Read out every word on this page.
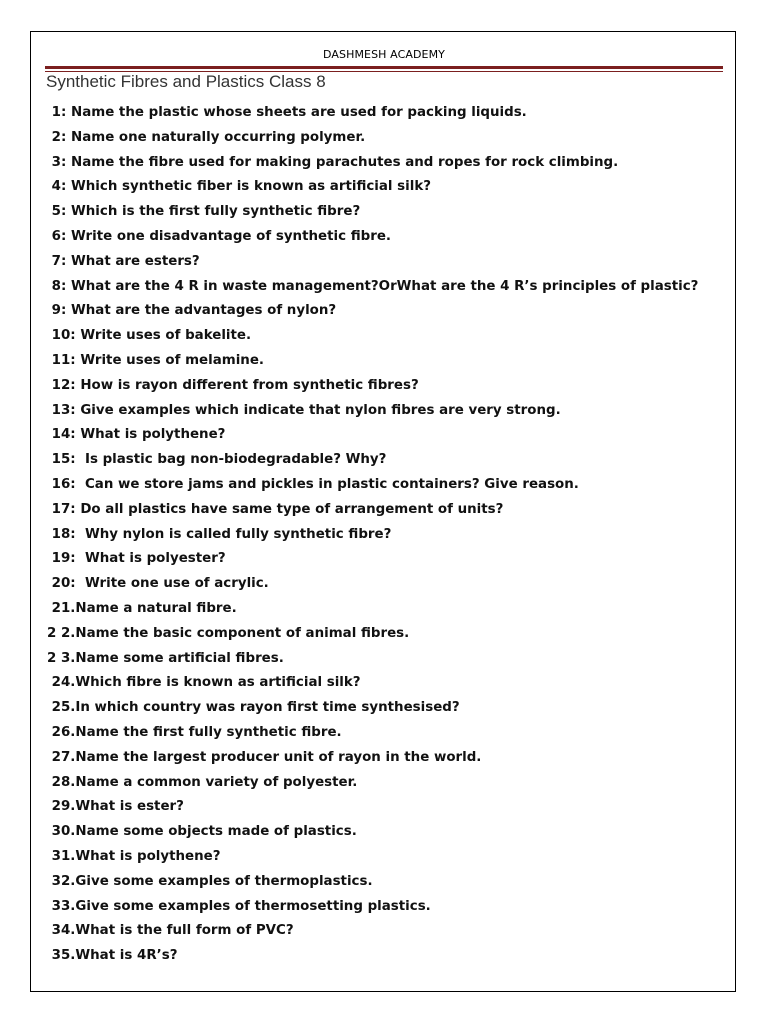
DASHMESH ACADEMY
Synthetic Fibres and Plastics Class 8
1: Name the plastic whose sheets are used for packing liquids.
2: Name one naturally occurring polymer.
3: Name the fibre used for making parachutes and ropes for rock climbing.
4: Which synthetic fiber is known as artificial silk?
5: Which is the first fully synthetic fibre?
6: Write one disadvantage of synthetic fibre.
7: What are esters?
8: What are the 4 R in waste management?OrWhat are the 4 R’s principles of plastic?
9: What are the advantages of nylon?
10: Write uses of bakelite.
11: Write uses of melamine.
12: How is rayon different from synthetic fibres?
13: Give examples which indicate that nylon fibres are very strong.
14: What is polythene?
15:  Is plastic bag non-biodegradable? Why?
16:  Can we store jams and pickles in plastic containers? Give reason.
17: Do all plastics have same type of arrangement of units?
18:  Why nylon is called fully synthetic fibre?
19:  What is polyester?
20:  Write one use of acrylic.
21.Name a natural fibre.
2 2.Name the basic component of animal fibres.
2 3.Name some artificial fibres.
24.Which fibre is known as artificial silk?
25.In which country was rayon first time synthesised?
26.Name the first fully synthetic fibre.
27.Name the largest producer unit of rayon in the world.
28.Name a common variety of polyester.
29.What is ester?
30.Name some objects made of plastics.
31.What is polythene?
32.Give some examples of thermoplastics.
33.Give some examples of thermosetting plastics.
34.What is the full form of PVC?
35.What is 4R’s?
